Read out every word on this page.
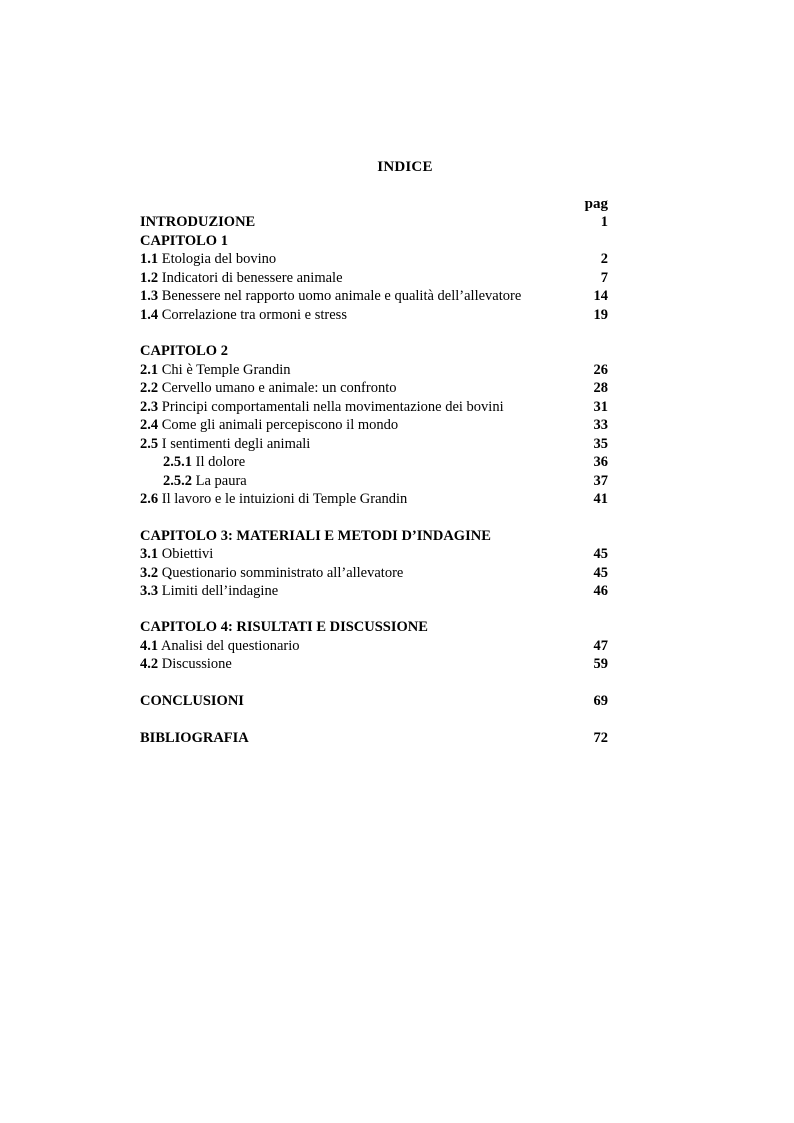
INDICE
pag
INTRODUZIONE	1
CAPITOLO 1
1.1 Etologia del bovino	2
1.2 Indicatori di benessere animale	7
1.3 Benessere nel rapporto uomo animale e qualità dell’allevatore	14
1.4 Correlazione tra ormoni e stress	19
CAPITOLO 2
2.1 Chi è Temple Grandin	26
2.2 Cervello umano e animale: un confronto	28
2.3 Principi comportamentali nella movimentazione dei bovini	31
2.4 Come gli animali percepiscono il mondo	33
2.5 I sentimenti degli animali	35
2.5.1 Il dolore	36
2.5.2 La paura	37
2.6 Il lavoro e le intuizioni di Temple Grandin	41
CAPITOLO 3: MATERIALI E METODI D’INDAGINE
3.1 Obiettivi	45
3.2 Questionario somministrato all’allevatore	45
3.3 Limiti dell’indagine	46
CAPITOLO 4: RISULTATI E DISCUSSIONE
4.1 Analisi del questionario	47
4.2 Discussione	59
CONCLUSIONI	69
BIBLIOGRAFIA	72
